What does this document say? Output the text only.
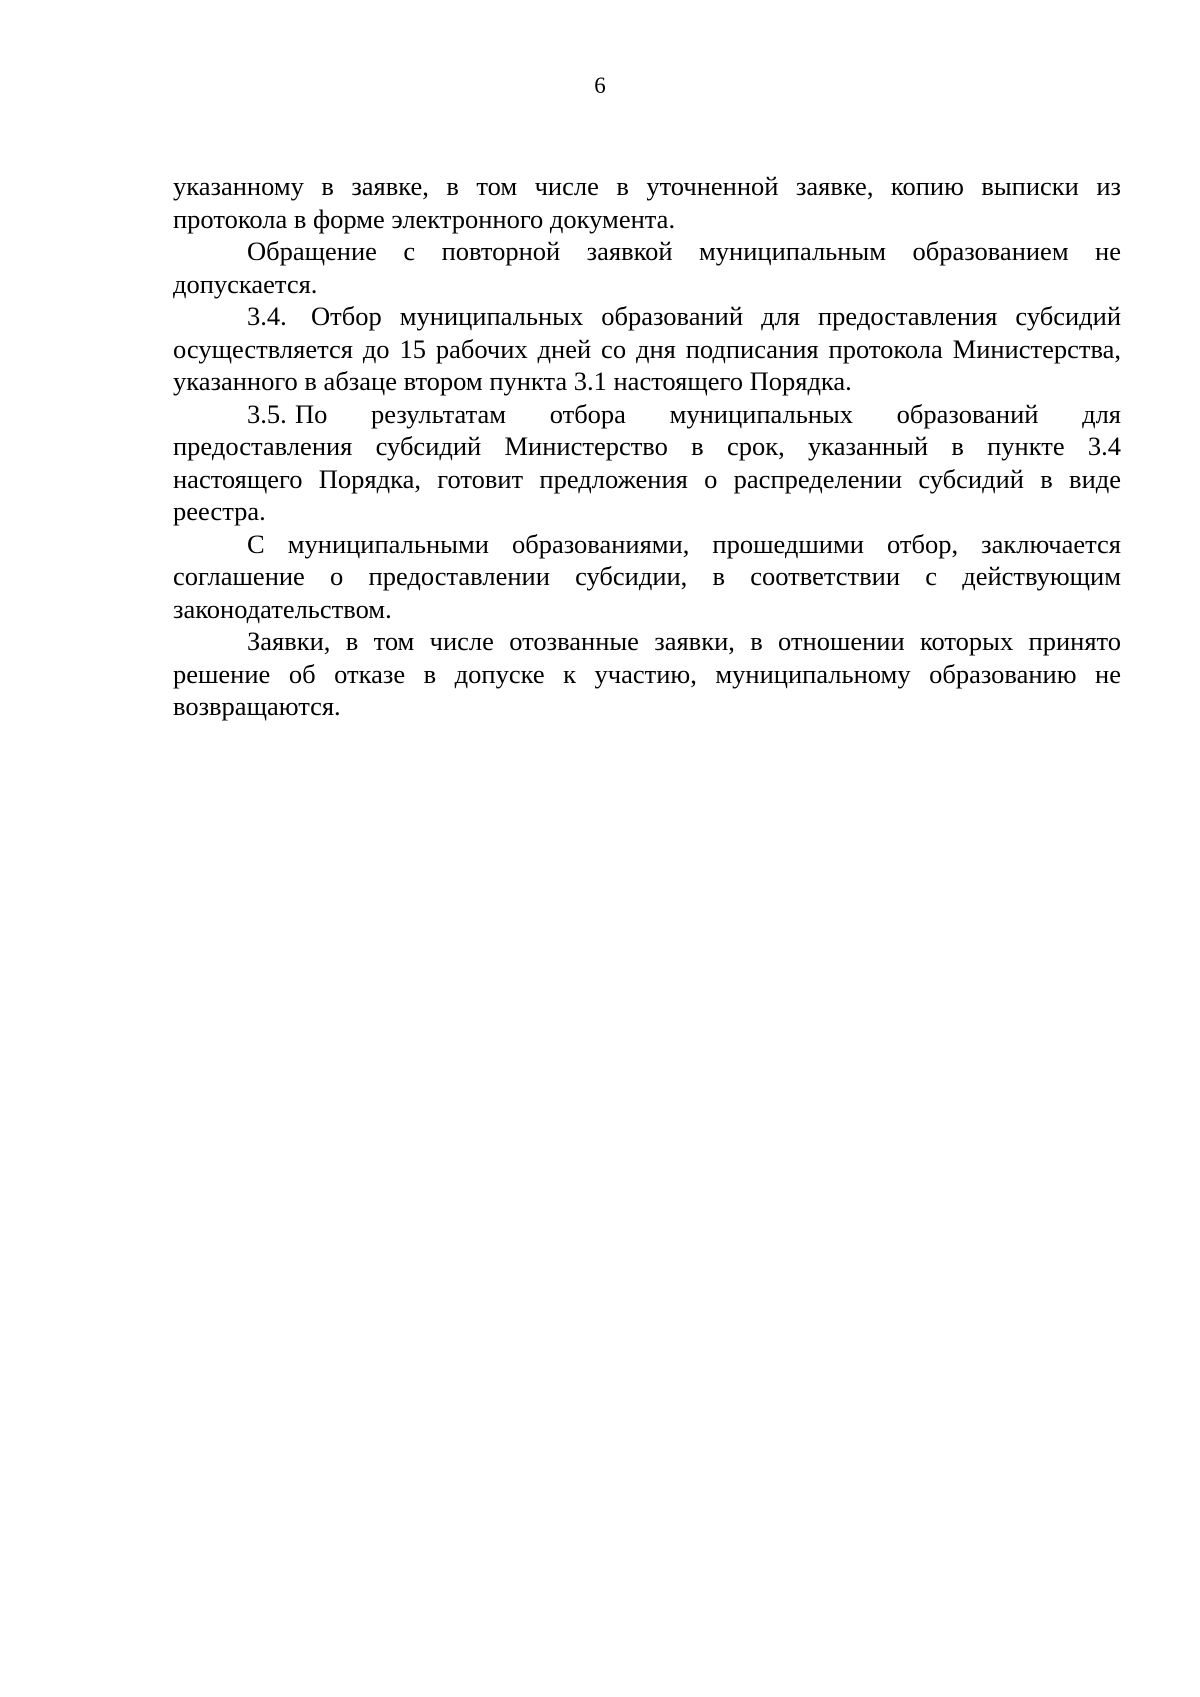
6

указанному в заявке, в том числе в уточненной заявке, копию выписки из протокола в форме электронного документа.

Обращение с повторной заявкой муниципальным образованием не допускается.

3.4. Отбор муниципальных образований для предоставления субсидий осуществляется до 15 рабочих дней со дня подписания протокола Министерства, указанного в абзаце втором пункта 3.1 настоящего Порядка.

3.5. По результатам отбора муниципальных образований для предоставления субсидий Министерство в срок, указанный в пункте 3.4 настоящего Порядка, готовит предложения о распределении субсидий в виде реестра.

С муниципальными образованиями, прошедшими отбор, заключается соглашение о предоставлении субсидии, в соответствии с действующим законодательством.

Заявки, в том числе отозванные заявки, в отношении которых принято решение об отказе в допуске к участию, муниципальному образованию не возвращаются.
